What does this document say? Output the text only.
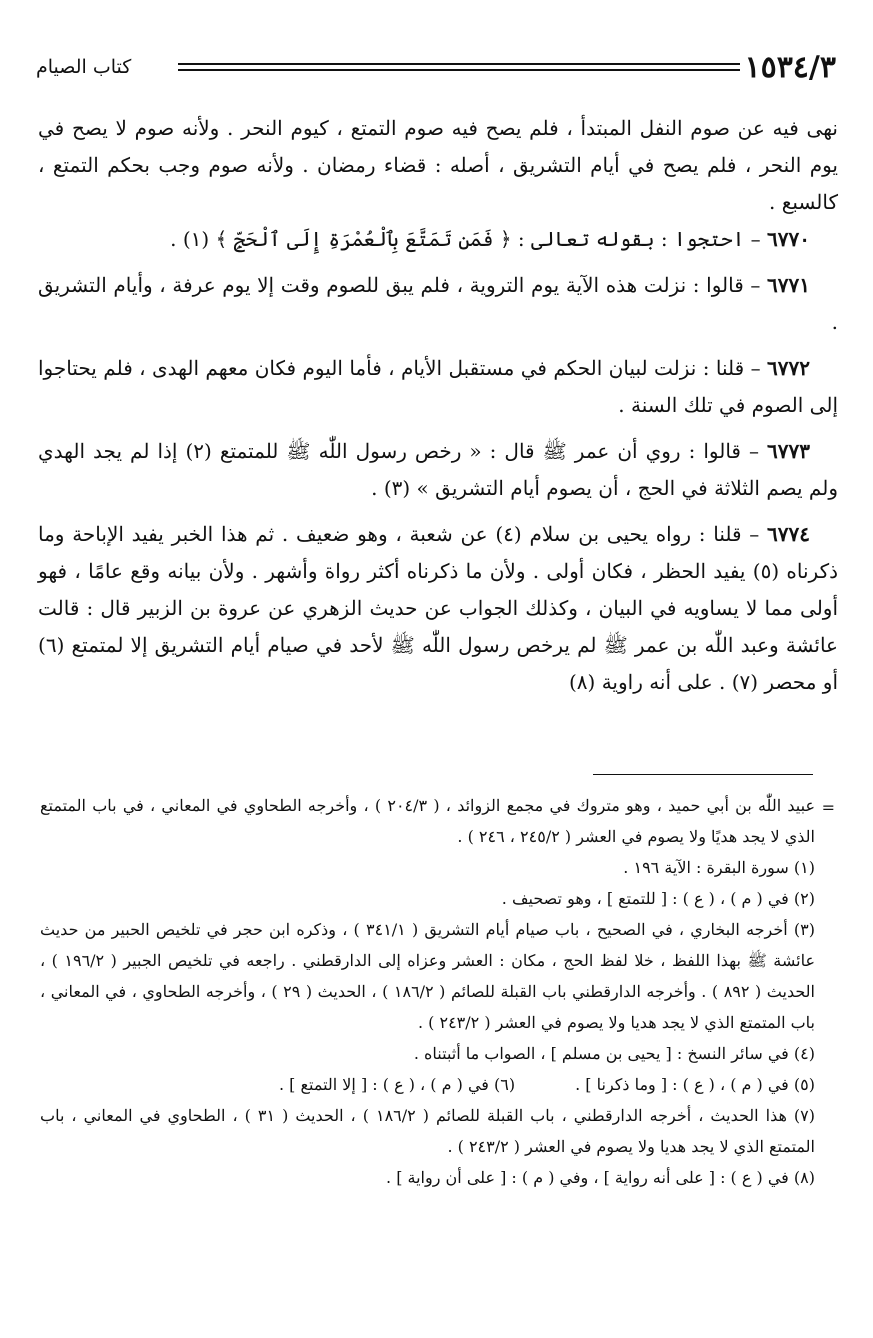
١٥٣٤/٣
كتاب الصيام

نهى فيه عن صوم النفل المبتدأ ، فلم يصح فيه صوم التمتع ، كيوم النحر . ولأنه صوم لا يصح في يوم النحر ، فلم يصح في أيام التشريق ، أصله : قضاء رمضان . ولأنه صوم وجب بحكم التمتع ، كالسبع .

٦٧٧٠ – احتجوا : بقوله تعالى : ﴿ فَمَن تَمَتَّعَ بِٱلْعُمْرَةِ إِلَى ٱلْحَجِّ ﴾ (١) .

٦٧٧١ – قالوا : نزلت هذه الآية يوم التروية ، فلم يبق للصوم وقت إلا يوم عرفة ، وأيام التشريق .

٦٧٧٢ – قلنا : نزلت لبيان الحكم في مستقبل الأيام ، فأما اليوم فكان معهم الهدى ، فلم يحتاجوا إلى الصوم في تلك السنة .

٦٧٧٣ – قالوا : روي أن عمر ﷺ قال : « رخص رسول اللّٰه ﷺ للمتمتع (٢) إذا لم يجد الهدي ولم يصم الثلاثة في الحج ، أن يصوم أيام التشريق » (٣) .

٦٧٧٤ – قلنا : رواه يحيى بن سلام (٤) عن شعبة ، وهو ضعيف . ثم هذا الخبر يفيد الإباحة وما ذكرناه (٥) يفيد الحظر ، فكان أولى . ولأن ما ذكرناه أكثر رواة وأشهر . ولأن بيانه وقع عامًا ، فهو أولى مما لا يساويه في البيان ، وكذلك الجواب عن حديث الزهري عن عروة بن الزبير قال : قالت عائشة وعبد اللّٰه بن عمر ﷺ لم يرخص رسول اللّٰه ﷺ لأحد في صيام أيام التشريق إلا لمتمتع (٦) أو محصر (٧) . على أنه راوية (٨)

=

عبيد اللّٰه بن أبي حميد ، وهو متروك في مجمع الزوائد ، ( ٢٠٤/٣ ) ، وأخرجه الطحاوي في المعاني ، في باب المتمتع الذي لا يجد هديًا ولا يصوم في العشر ( ٢٤٥/٢ ، ٢٤٦ ) .

(١) سورة البقرة : الآية ١٩٦ .

(٢) في ( م ) ، ( ع ) : [ للتمتع ] ، وهو تصحيف .

(٣) أخرجه البخاري ، في الصحيح ، باب صيام أيام التشريق ( ٣٤١/١ ) ، وذكره ابن حجر في تلخيص الحبير من حديث عائشة ﷺ بهذا اللفظ ، خلا لفظ الحج ، مكان : العشر وعزاه إلى الدارقطني . راجعه في تلخيص الجبير ( ١٩٦/٢ ) ، الحديث ( ٨٩٢ ) . وأخرجه الدارقطني باب القبلة للصائم ( ١٨٦/٢ ) ، الحديث ( ٢٩ ) ، وأخرجه الطحاوي ، في المعاني ، باب المتمتع الذي لا يجد هديا ولا يصوم في العشر ( ٢٤٣/٢ ) .

(٤) في سائر النسخ : [ يحيى بن مسلم ] ، الصواب ما أثبتناه .

(٥) في ( م ) ، ( ع ) : [ وما ذكرنا ] .
(٦) في ( م ) ، ( ع ) : [ إلا التمتع ] .

(٧) هذا الحديث ، أخرجه الدارقطني ، باب القبلة للصائم ( ١٨٦/٢ ) ، الحديث ( ٣١ ) ، الطحاوي في المعاني ، باب المتمتع الذي لا يجد هديا ولا يصوم في العشر ( ٢٤٣/٢ ) .

(٨) في ( ع ) : [ على أنه رواية ] ، وفي ( م ) : [ على أن رواية ] .
